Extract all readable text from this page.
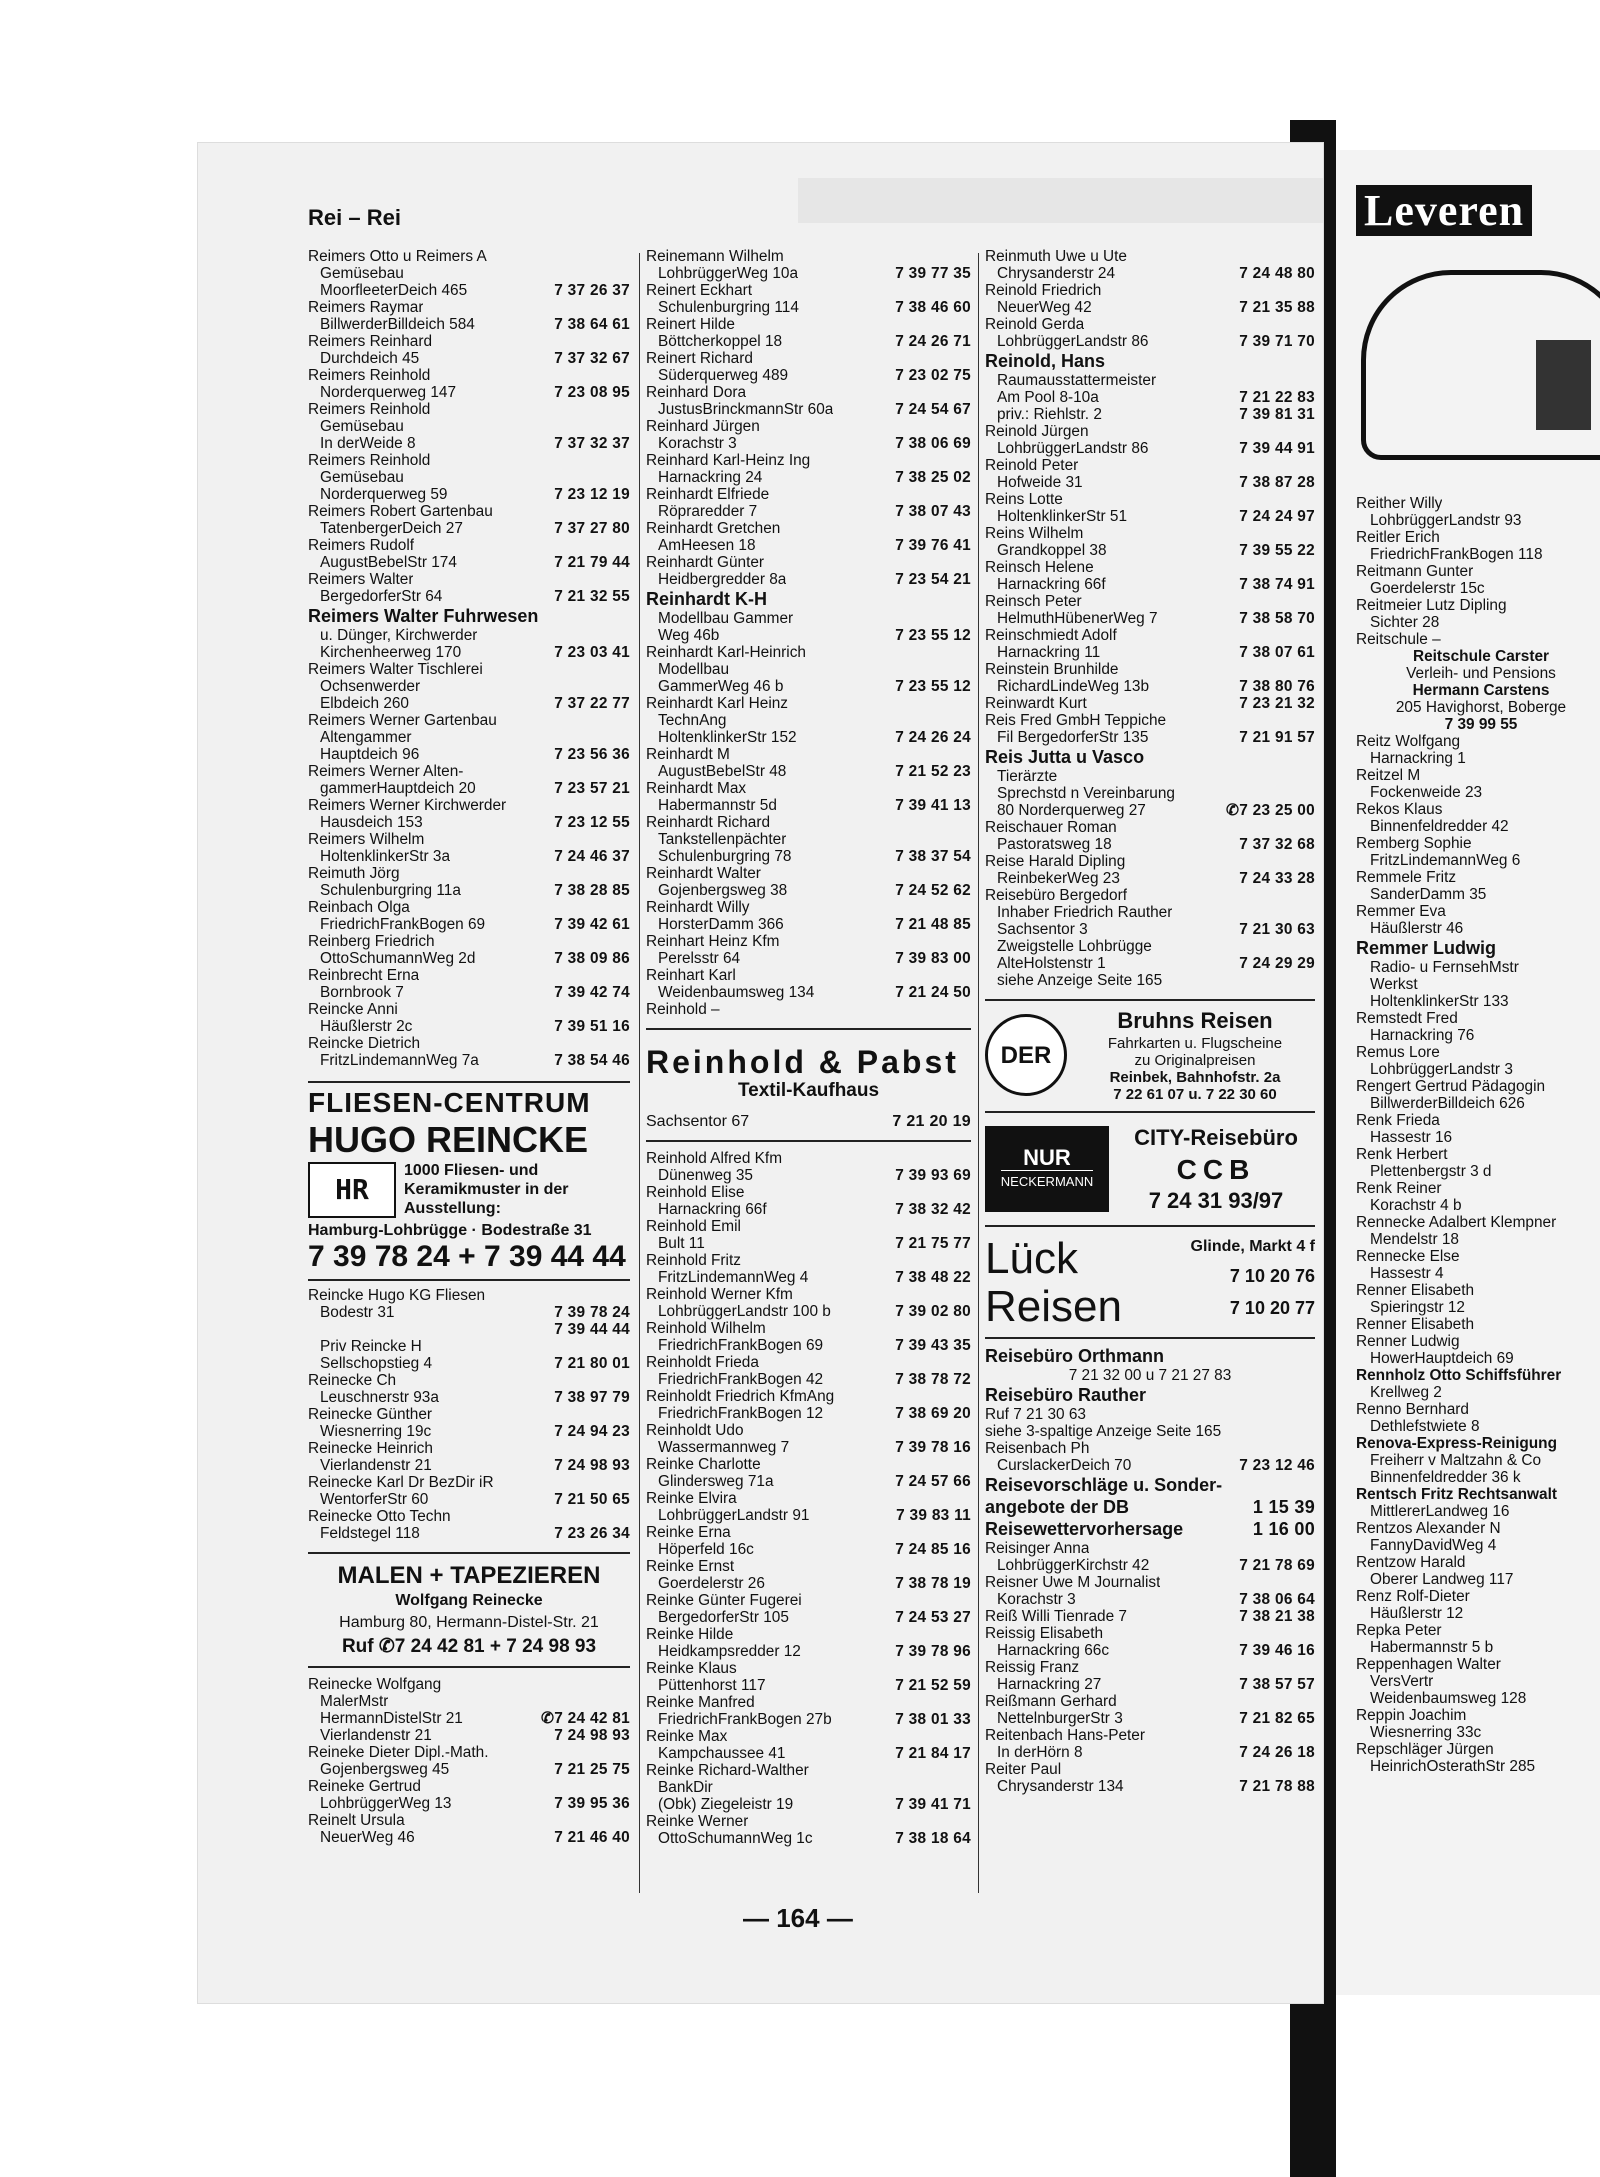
Rei – Rei
Reimers Otto u Reimers A
Gemüsebau
MoorfleeterDeich 465	7 37 26 37
Reimers Raymar
BillwerderBilldeich 584	7 38 64 61
Reimers Reinhard
Durchdeich 45	7 37 32 67
Reimers Reinhold
Norderquerweg 147	7 23 08 95
Reimers Reinhold
Gemüsebau
In derWeide 8	7 37 32 37
Reimers Reinhold
Gemüsebau
Norderquerweg 59	7 23 12 19
Reimers Robert Gartenbau
TatenbergerDeich 27	7 37 27 80
Reimers Rudolf
AugustBebelStr 174	7 21 79 44
Reimers Walter
BergedorferStr 64	7 21 32 55
Reimers Walter Fuhrwesen
u. Dünger, Kirchwerder
Kirchenheerweg 170	7 23 03 41
Reimers Walter Tischlerei
Ochsenwerder
Elbdeich 260	7 37 22 77
Reimers Werner Gartenbau
Altengammer
Hauptdeich 96	7 23 56 36
Reimers Werner Alten-
gammerHauptdeich 20	7 23 57 21
Reimers Werner Kirchwerder
Hausdeich 153	7 23 12 55
Reimers Wilhelm
HoltenklinkerStr 3a	7 24 46 37
Reimuth Jörg
Schulenburgring 11a	7 38 28 85
Reinbach Olga
FriedrichFrankBogen 69	7 39 42 61
Reinberg Friedrich
OttoSchumannWeg 2d	7 38 09 86
Reinbrecht Erna
Bornbrook 7	7 39 42 74
Reincke Anni
Häußlerstr 2c	7 39 51 16
Reincke Dietrich
FritzLindemannWeg 7a	7 38 54 46
FLIESEN-CENTRUM
HUGO REINCKE
HR
1000 Fliesen- und
Keramikmuster in der
Ausstellung:
Hamburg-Lohbrügge · Bodestraße 31
7 39 78 24 + 7 39 44 44
Reincke Hugo KG Fliesen
Bodestr 31	7 39 78 24
7 39 44 44
Priv Reincke H
Sellschopstieg 4	7 21 80 01
Reinecke Ch
Leuschnerstr 93a	7 38 97 79
Reinecke Günther
Wiesnerring 19c	7 24 94 23
Reinecke Heinrich
Vierlandenstr 21	7 24 98 93
Reinecke Karl Dr BezDir iR
WentorferStr 60	7 21 50 65
Reinecke Otto Techn
Feldstegel 118	7 23 26 34
MALEN + TAPEZIEREN
Wolfgang Reinecke
Hamburg 80, Hermann-Distel-Str. 21
Ruf ✆7 24 42 81 + 7 24 98 93
Reinecke Wolfgang
MalerMstr
HermannDistelStr 21	✆7 24 42 81
Vierlandenstr 21	7 24 98 93
Reineke Dieter Dipl.-Math.
Gojenbergsweg 45	7 21 25 75
Reineke Gertrud
LohbrüggerWeg 13	7 39 95 36
Reinelt Ursula
NeuerWeg 46	7 21 46 40
Reinemann Wilhelm
LohbrüggerWeg 10a	7 39 77 35
Reinert Eckhart
Schulenburgring 114	7 38 46 60
Reinert Hilde
Böttcherkoppel 18	7 24 26 71
Reinert Richard
Süderquerweg 489	7 23 02 75
Reinhard Dora
JustusBrinckmannStr 60a	7 24 54 67
Reinhard Jürgen
Korachstr 3	7 38 06 69
Reinhard Karl-Heinz Ing
Harnackring 24	7 38 25 02
Reinhardt Elfriede
Röpraredder 7	7 38 07 43
Reinhardt Gretchen
AmHeesen 18	7 39 76 41
Reinhardt Günter
Heidbergredder 8a	7 23 54 21
Reinhardt K-H
Modellbau Gammer
Weg 46b	7 23 55 12
Reinhardt Karl-Heinrich
Modellbau
GammerWeg 46 b	7 23 55 12
Reinhardt Karl Heinz
TechnAng
HoltenklinkerStr 152	7 24 26 24
Reinhardt M
AugustBebelStr 48	7 21 52 23
Reinhardt Max
Habermannstr 5d	7 39 41 13
Reinhardt Richard
Tankstellenpächter
Schulenburgring 78	7 38 37 54
Reinhardt Walter
Gojenbergsweg 38	7 24 52 62
Reinhardt Willy
HorsterDamm 366	7 21 48 85
Reinhart Heinz Kfm
Perelsstr 64	7 39 83 00
Reinhart Karl
Weidenbaumsweg 134	7 21 24 50
Reinhold –
Reinhold & Pabst
Textil-Kaufhaus
Sachsentor 67	7 21 20 19
Reinhold Alfred Kfm
Dünenweg 35	7 39 93 69
Reinhold Elise
Harnackring 66f	7 38 32 42
Reinhold Emil
Bult 11	7 21 75 77
Reinhold Fritz
FritzLindemannWeg 4	7 38 48 22
Reinhold Werner Kfm
LohbrüggerLandstr 100 b	7 39 02 80
Reinhold Wilhelm
FriedrichFrankBogen 69	7 39 43 35
Reinholdt Frieda
FriedrichFrankBogen 42	7 38 78 72
Reinholdt Friedrich KfmAng
FriedrichFrankBogen 12	7 38 69 20
Reinholdt Udo
Wassermannweg 7	7 39 78 16
Reinke Charlotte
Glindersweg 71a	7 24 57 66
Reinke Elvira
LohbrüggerLandstr 91	7 39 83 11
Reinke Erna
Höperfeld 16c	7 24 85 16
Reinke Ernst
Goerdelerstr 26	7 38 78 19
Reinke Günter Fugerei
BergedorferStr 105	7 24 53 27
Reinke Hilde
Heidkampsredder 12	7 39 78 96
Reinke Klaus
Püttenhorst 117	7 21 52 59
Reinke Manfred
FriedrichFrankBogen 27b	7 38 01 33
Reinke Max
Kampchaussee 41	7 21 84 17
Reinke Richard-Walther
BankDir
(Obk) Ziegeleistr 19	7 39 41 71
Reinke Werner
OttoSchumannWeg 1c	7 38 18 64
Reinmuth Uwe u Ute
Chrysanderstr 24	7 24 48 80
Reinold Friedrich
NeuerWeg 42	7 21 35 88
Reinold Gerda
LohbrüggerLandstr 86	7 39 71 70
Reinold, Hans
Raumausstattermeister
Am Pool 8-10a	7 21 22 83
priv.: Riehlstr. 2	7 39 81 31
Reinold Jürgen
LohbrüggerLandstr 86	7 39 44 91
Reinold Peter
Hofweide 31	7 38 87 28
Reins Lotte
HoltenklinkerStr 51	7 24 24 97
Reins Wilhelm
Grandkoppel 38	7 39 55 22
Reinsch Helene
Harnackring 66f	7 38 74 91
Reinsch Peter
HelmuthHübenerWeg 7	7 38 58 70
Reinschmiedt Adolf
Harnackring 11	7 38 07 61
Reinstein Brunhilde
RichardLindeWeg 13b	7 38 80 76
Reinwardt Kurt	7 23 21 32
Reis Fred GmbH Teppiche
Fil BergedorferStr 135	7 21 91 57
Reis Jutta u Vasco
Tierärzte
Sprechstd n Vereinbarung
80 Norderquerweg 27	✆7 23 25 00
Reischauer Roman
Pastoratsweg 18	7 37 32 68
Reise Harald Dipling
ReinbekerWeg 23	7 24 33 28
Reisebüro Bergedorf
Inhaber Friedrich Rauther
Sachsentor 3	7 21 30 63
Zweigstelle Lohbrügge
AlteHolstenstr 1	7 24 29 29
siehe Anzeige Seite 165
DER
Bruhns Reisen
Fahrkarten u. Flugscheine
zu Originalpreisen
Reinbek, Bahnhofstr. 2a
7 22 61 07 u. 7 22 30 60
NUR
NECKERMANN
CITY-Reisebüro
CCB
7 24 31 93/97
Lück
Reisen
Glinde, Markt 4 f
7 10 20 76
7 10 20 77
Reisebüro Orthmann
7 21 32 00 u 7 21 27 83
Reisebüro Rauther
Ruf 7 21 30 63
siehe 3-spaltige Anzeige Seite 165
Reisenbach Ph
CurslackerDeich 70	7 23 12 46
Reisevorschläge u. Sonder-
angebote der DB	1 15 39
Reisewettervorhersage	1 16 00
Reisinger Anna
LohbrüggerKirchstr 42	7 21 78 69
Reisner Uwe M Journalist
Korachstr 3	7 38 06 64
Reiß Willi Tienrade 7	7 38 21 38
Reissig Elisabeth
Harnackring 66c	7 39 46 16
Reissig Franz
Harnackring 27	7 38 57 57
Reißmann Gerhard
NettelnburgerStr 3	7 21 82 65
Reitenbach Hans-Peter
In derHörn 8	7 24 26 18
Reiter Paul
Chrysanderstr 134	7 21 78 88
— 164 —
Leveren
Reither Willy
LohbrüggerLandstr 93
Reitler Erich
FriedrichFrankBogen 118
Reitmann Gunter
Goerdelerstr 15c
Reitmeier Lutz Dipling
Sichter 28
Reitschule –
Reitschule Carster
Verleih- und Pensions
Hermann Carstens
205 Havighorst, Boberge
7 39 99 55
Reitz Wolfgang
Harnackring 1
Reitzel M
Fockenweide 23
Rekos Klaus
Binnenfeldredder 42
Remberg Sophie
FritzLindemannWeg 6
Remmele Fritz
SanderDamm 35
Remmer Eva
Häußlerstr 46
Remmer Ludwig
Radio- u FernsehMstr
Werkst
HoltenklinkerStr 133
Remstedt Fred
Harnackring 76
Remus Lore
LohbrüggerLandstr 3
Rengert Gertrud Pädagogin
BillwerderBilldeich 626
Renk Frieda
Hassestr 16
Renk Herbert
Plettenbergstr 3 d
Renk Reiner
Korachstr 4 b
Rennecke Adalbert Klempner
Mendelstr 18
Rennecke Else
Hassestr 4
Renner Elisabeth
Spieringstr 12
Renner Elisabeth
Renner Ludwig
HowerHauptdeich 69
Rennholz Otto Schiffsführer
Krellweg 2
Renno Bernhard
Dethlefstwiete 8
Renova-Express-Reinigung
Freiherr v Maltzahn & Co
Binnenfeldredder 36 k
Rentsch Fritz Rechtsanwalt
MittlererLandweg 16
Rentzos Alexander N
FannyDavidWeg 4
Rentzow Harald
Oberer Landweg 117
Renz Rolf-Dieter
Häußlerstr 12
Repka Peter
Habermannstr 5 b
Reppenhagen Walter
VersVertr
Weidenbaumsweg 128
Reppin Joachim
Wiesnerring 33c
Repschläger Jürgen
HeinrichOsterathStr 285
